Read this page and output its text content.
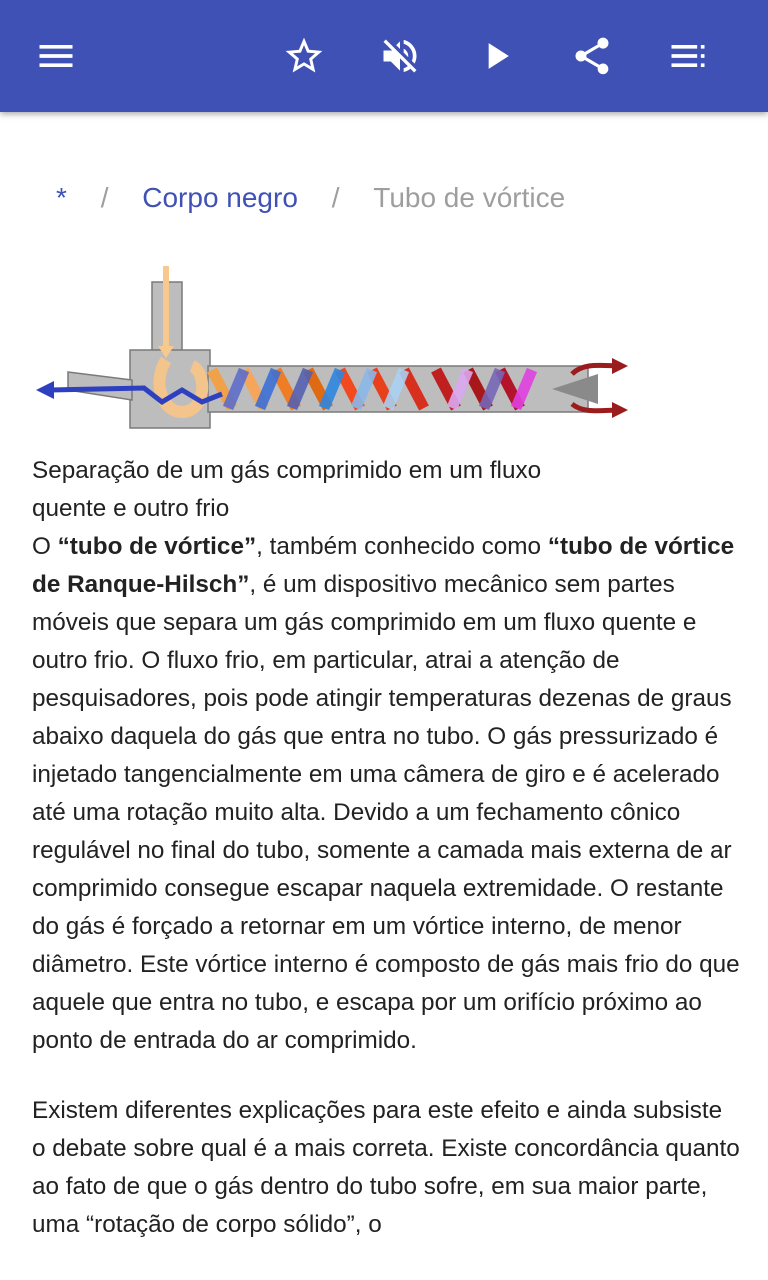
* / Corpo negro / Tubo de vórtice

Separação de um gás comprimido em um fluxo
quente e outro frio

O “tubo de vórtice”, também conhecido como “tubo de vórtice de Ranque-Hilsch”, é um dispositivo mecânico sem partes móveis que separa um gás comprimido em um fluxo quente e outro frio. O fluxo frio, em particular, atrai a atenção de pesquisadores, pois pode atingir temperaturas dezenas de graus abaixo daquela do gás que entra no tubo. O gás pressurizado é injetado tangencialmente em uma câmera de giro e é acelerado até uma rotação muito alta. Devido a um fechamento cônico regulável no final do tubo, somente a camada mais externa de ar comprimido consegue escapar naquela extremidade. O restante do gás é forçado a retornar em um vórtice interno, de menor diâmetro. Este vórtice interno é composto de gás mais frio do que aquele que entra no tubo, e escapa por um orifício próximo ao ponto de entrada do ar comprimido.

Existem diferentes explicações para este efeito e ainda subsiste o debate sobre qual é a mais correta. Existe concordância quanto ao fato de que o gás dentro do tubo sofre, em sua maior parte, uma “rotação de corpo sólido”, o
